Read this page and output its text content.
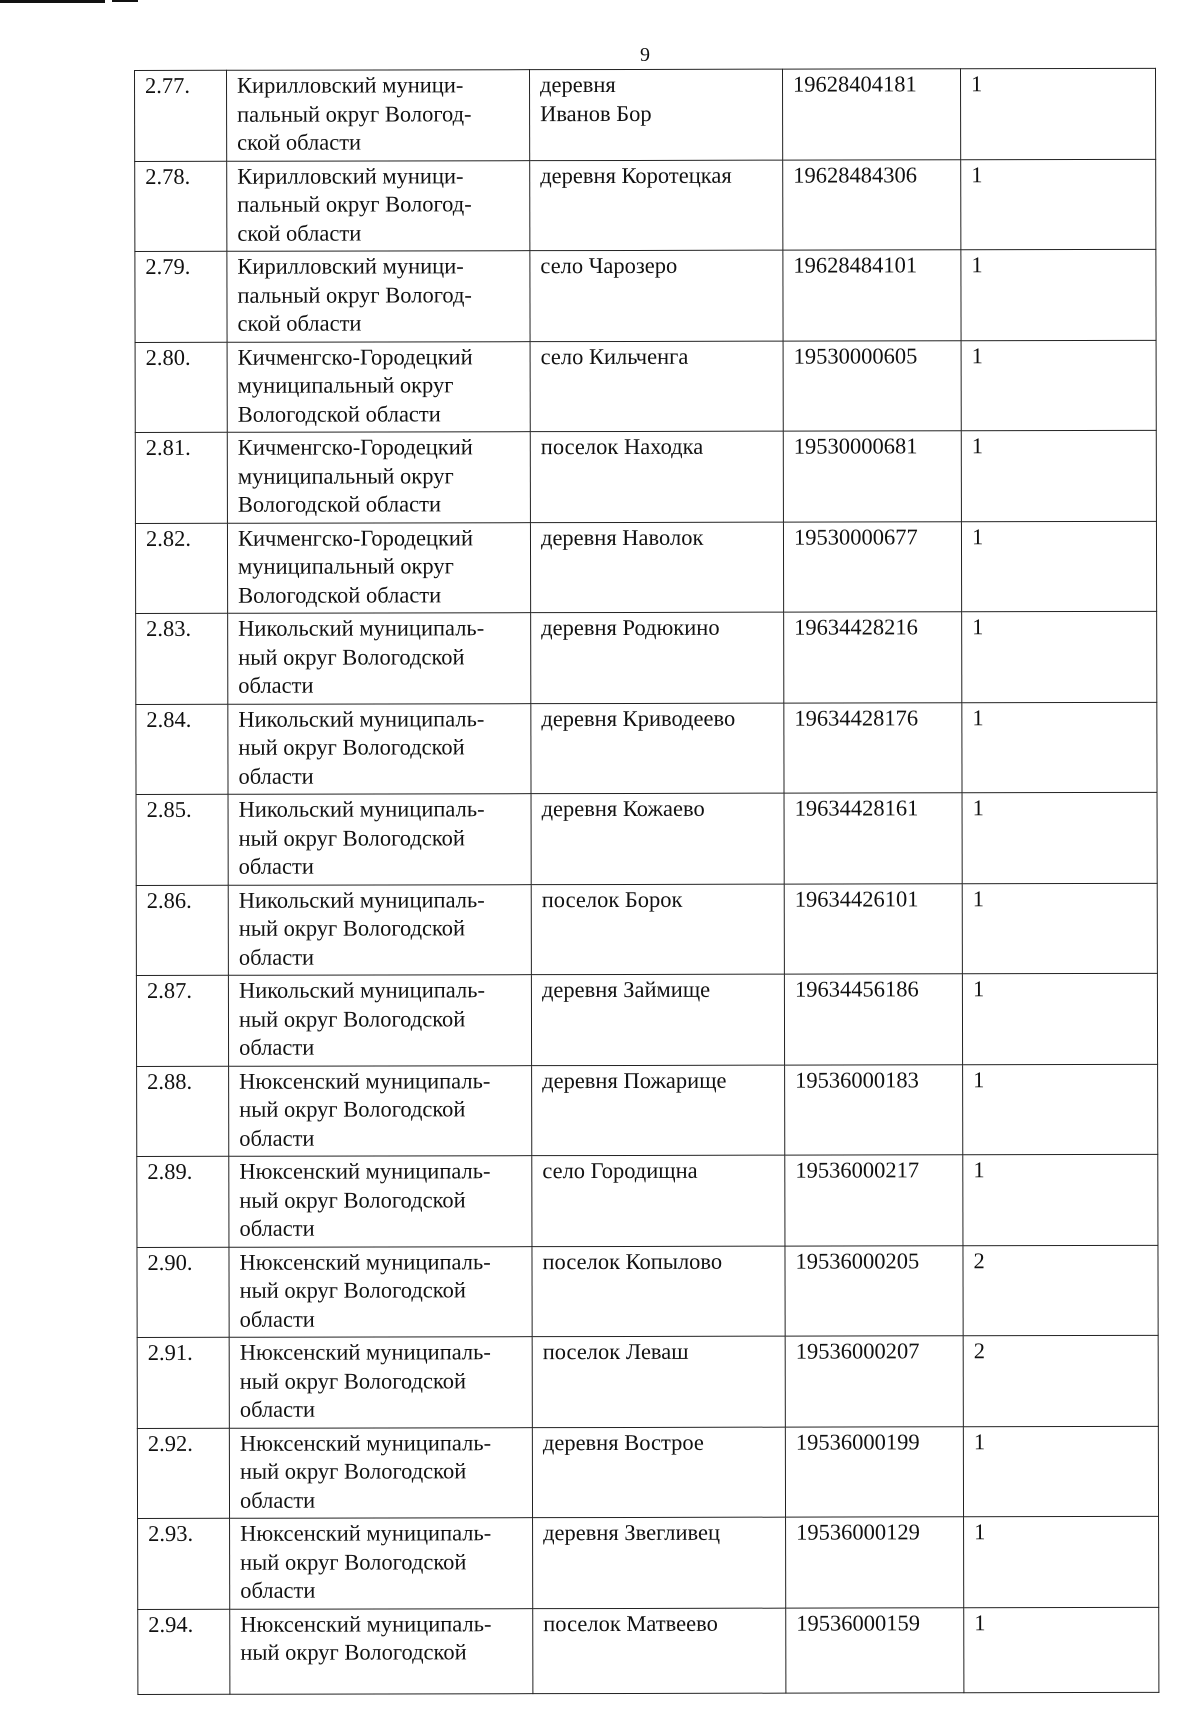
9
2.77.	Кирилловский муници-
пальный округ Вологод-
ской области	деревня
Иванов Бор	19628404181	1
2.78.	Кирилловский муници-
пальный округ Вологод-
ской области	деревня Коротецкая	19628484306	1
2.79.	Кирилловский муници-
пальный округ Вологод-
ской области	село Чарозеро	19628484101	1
2.80.	Кичменгско-Городецкий
муниципальный округ
Вологодской области	село Кильченга	19530000605	1
2.81.	Кичменгско-Городецкий
муниципальный округ
Вологодской области	поселок Находка	19530000681	1
2.82.	Кичменгско-Городецкий
муниципальный округ
Вологодской области	деревня Наволок	19530000677	1
2.83.	Никольский муниципаль-
ный округ Вологодской
области	деревня Родюкино	19634428216	1
2.84.	Никольский муниципаль-
ный округ Вологодской
области	деревня Криводеево	19634428176	1
2.85.	Никольский муниципаль-
ный округ Вологодской
области	деревня Кожаево	19634428161	1
2.86.	Никольский муниципаль-
ный округ Вологодской
области	поселок Борок	19634426101	1
2.87.	Никольский муниципаль-
ный округ Вологодской
области	деревня Займище	19634456186	1
2.88.	Нюксенский муниципаль-
ный округ Вологодской
области	деревня Пожарище	19536000183	1
2.89.	Нюксенский муниципаль-
ный округ Вологодской
области	село Городищна	19536000217	1
2.90.	Нюксенский муниципаль-
ный округ Вологодской
области	поселок Копылово	19536000205	2
2.91.	Нюксенский муниципаль-
ный округ Вологодской
области	поселок Леваш	19536000207	2
2.92.	Нюксенский муниципаль-
ный округ Вологодской
области	деревня Вострое	19536000199	1
2.93.	Нюксенский муниципаль-
ный округ Вологодской
области	деревня Звегливец	19536000129	1
2.94.	Нюксенский муниципаль-
ный округ Вологодской	поселок Матвеево	19536000159	1
